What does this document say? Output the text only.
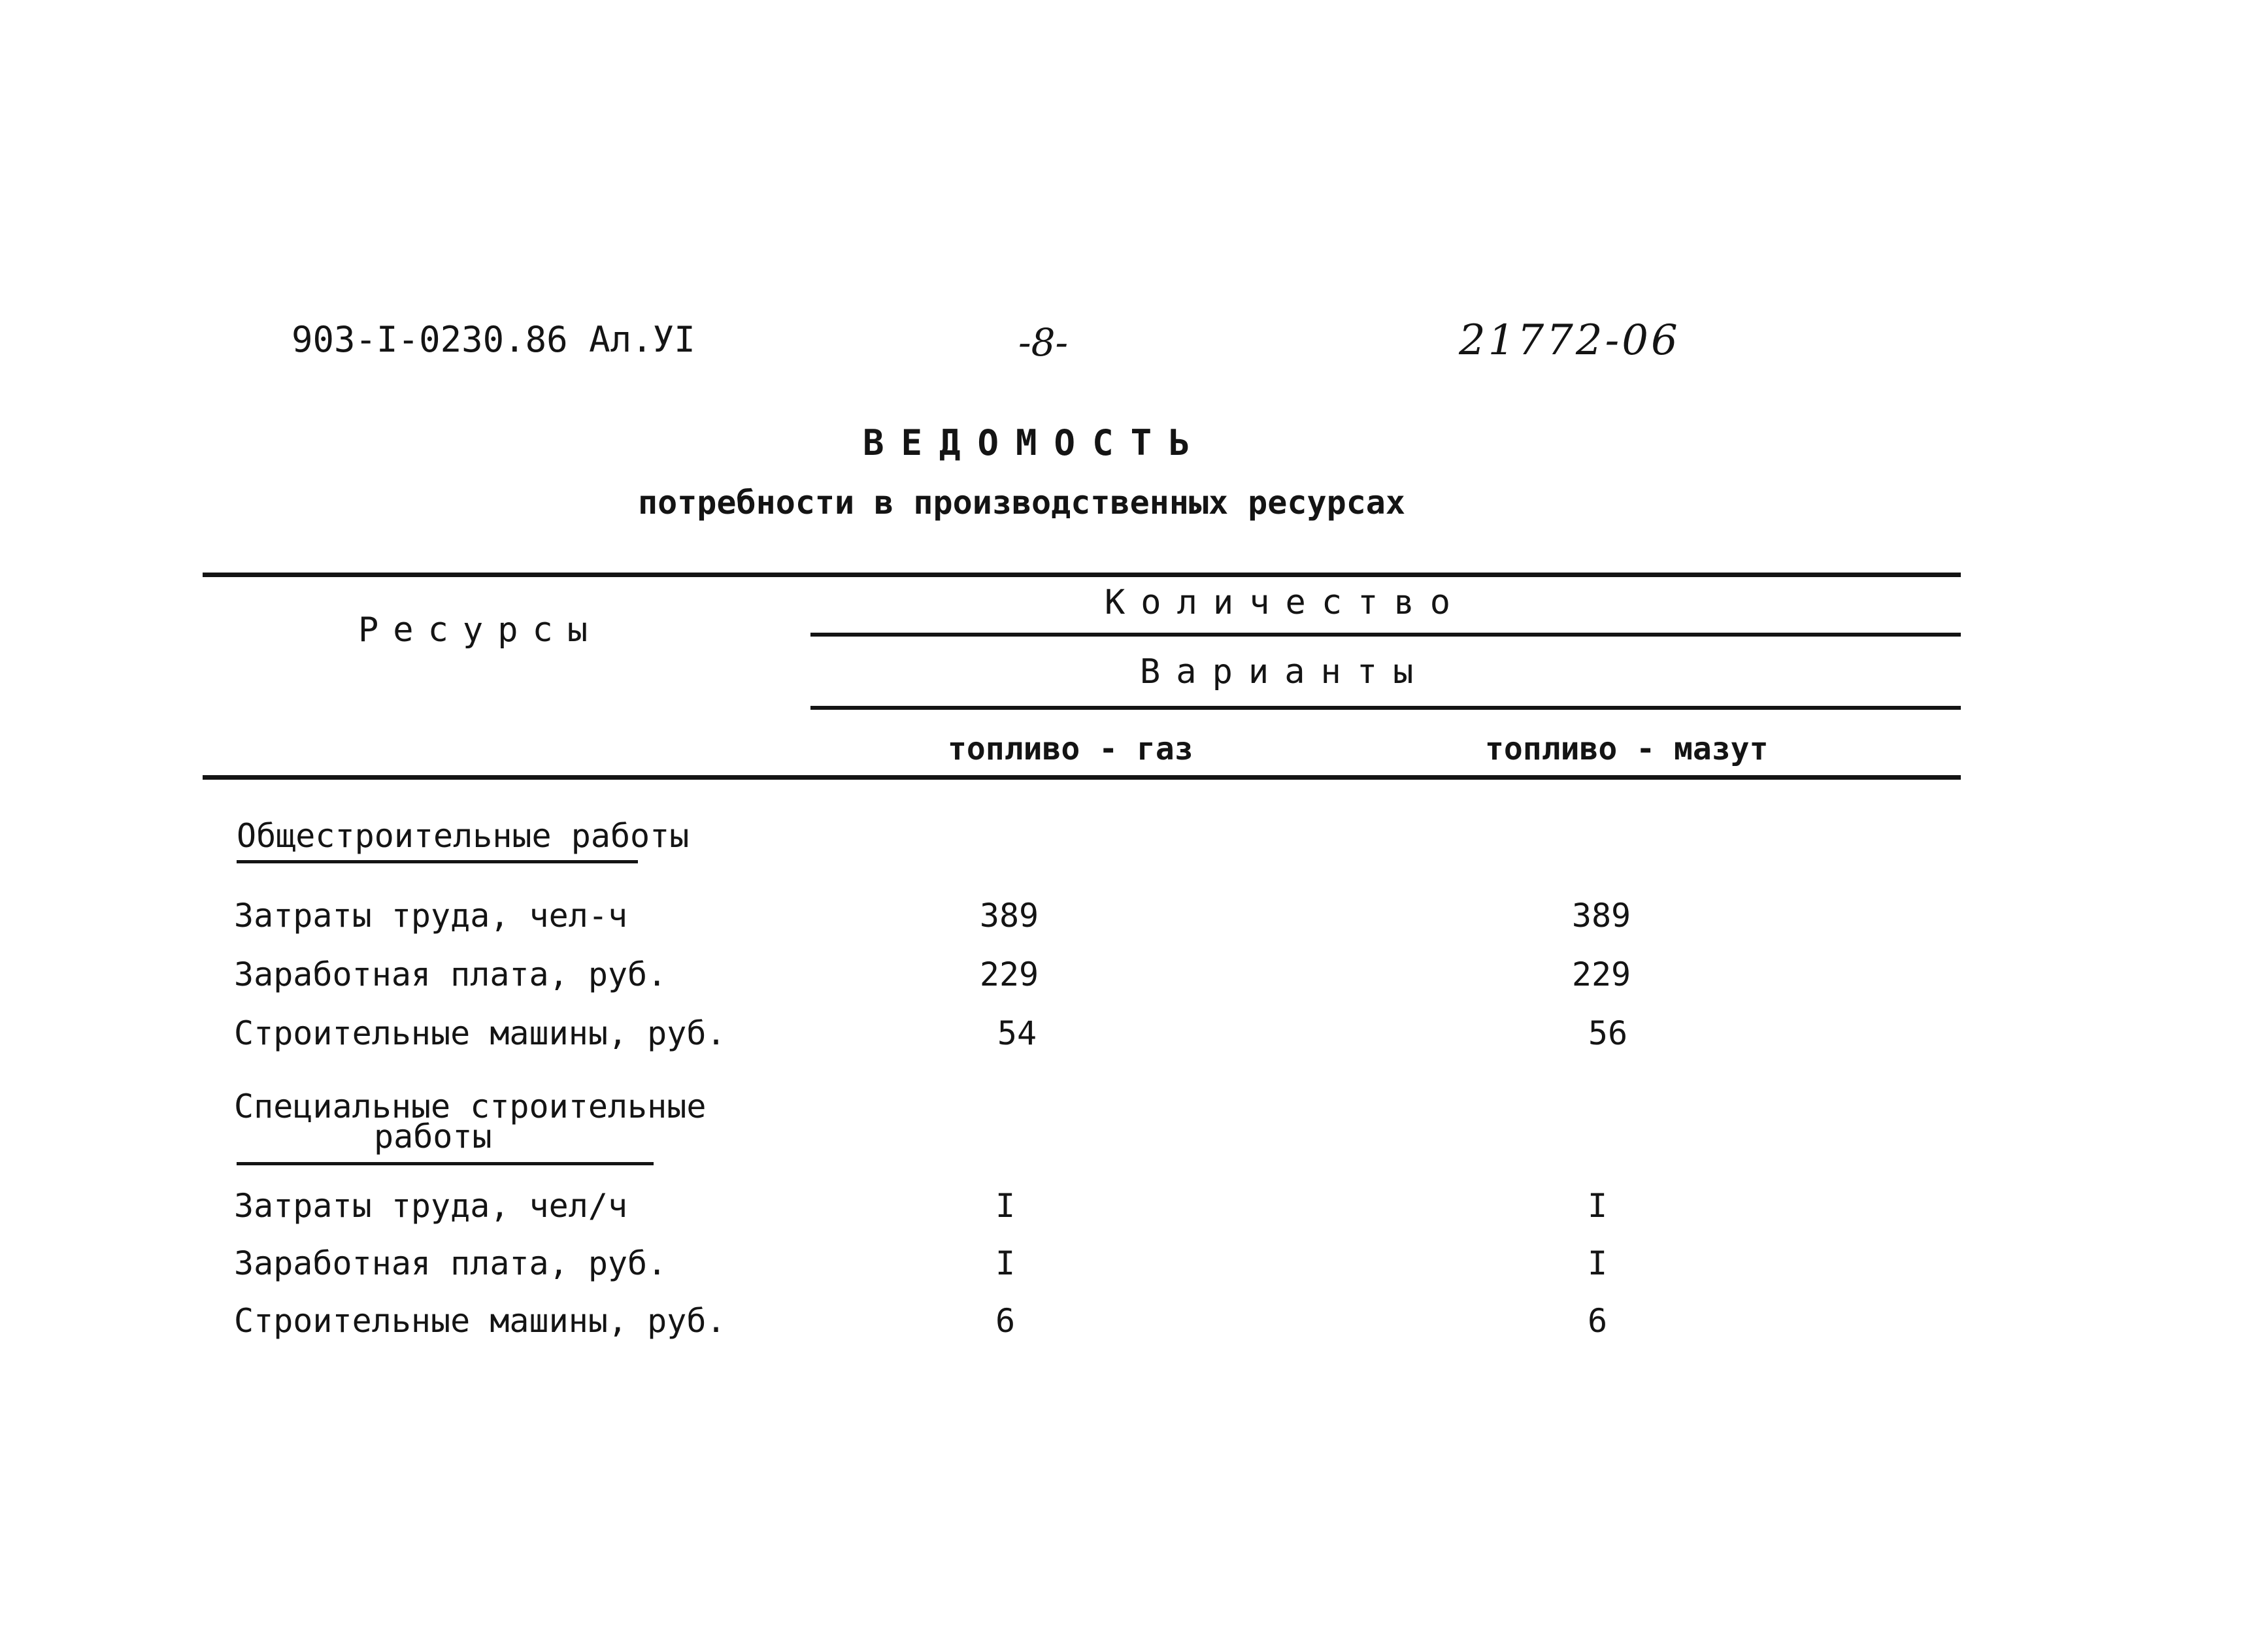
903-I-0230.86 Ал.УI	-8-	21772-06
ВЕДОМОСТЬ
потребности в производственных ресурсах
Ресурсы
Количество
Варианты
топливо - газ	топливо - мазут
Общестроительные работы
Затраты труда, чел-ч	389	389
Заработная плата, руб.	229	229
Строительные машины, руб.	54	56
Специальные строительные
работы
Затраты труда, чел/ч	I	I
Заработная плата, руб.	I	I
Строительные машины, руб.	6	6
